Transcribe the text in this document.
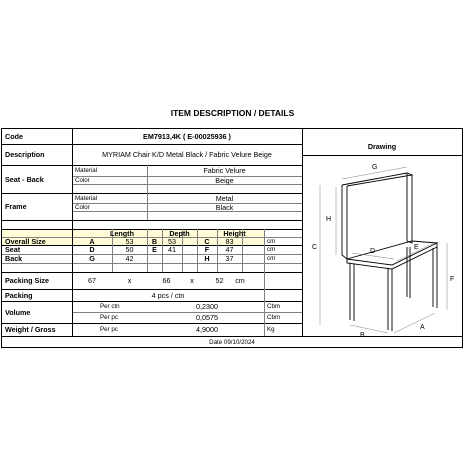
ITEM DESCRIPTION / DETAILS
Code	EM7913,4K ( E-00025936 )
Description	MYRIAM Chair K/D Metal Black / Fabric Velure Beige
Drawing
Seat - Back
Material	Fabric Velure
Color	Beige
Frame
Material	Metal
Color	Black
Length	Depth	Height
Overall Size	A	53	B	53	C	83	cm
Seat	D	50	E	41	F	47	cm
Back	G	42	H	37	cm
Packing Size	67	x	66	x	52	cm
Packing	4 pcs / ctn
Volume
Per ctn	0,2300	Cbm
Per pc	0,0575	Cbm
Weight / Gross	Per pc	4,9000	Kg
Date 09/10/2024
G
H
C
D
E
F
B
A
